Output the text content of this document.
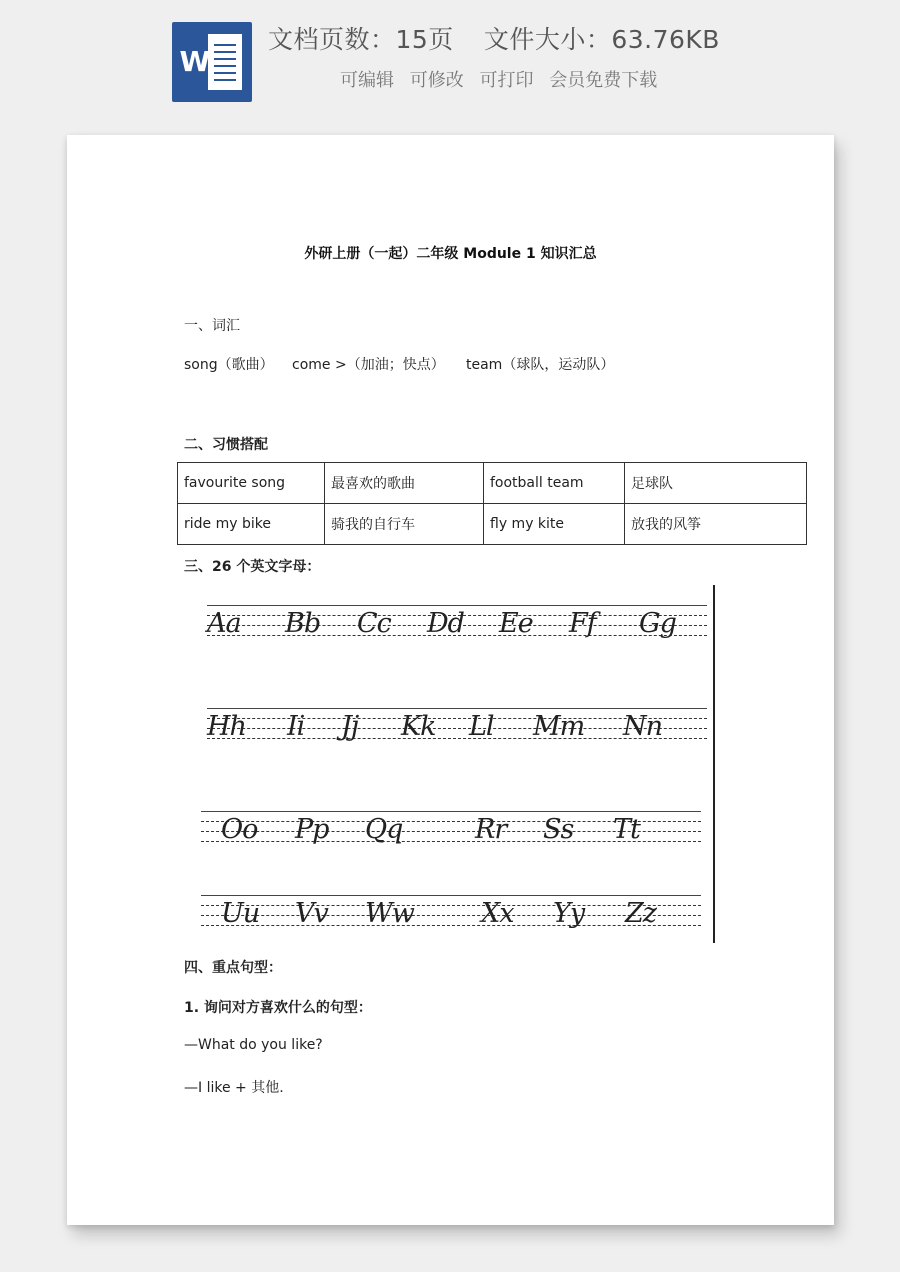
W
文档页数：15页 文件大小：63.76KB
可编辑 可修改 可打印 会员免费下载
外研上册（一起）二年级 Module 1 知识汇总
一、词汇
song（歌曲） come >（加油；快点） team（球队，运动队）
二、习惯搭配
favourite song	最喜欢的歌曲	football team	足球队
ride my bike	骑我的自行车	fly my kite	放我的风筝
三、26 个英文字母：
Aa Bb Cc Dd Ee Ff Gg
Hh Ii Jj Kk Ll Mm Nn
Oo Pp Qq	Rr Ss Tt
Uu Vv Ww Xx Yy Zz
四、重点句型：
1. 询问对方喜欢什么的句型：
—What do you like?
—I like + 其他.
